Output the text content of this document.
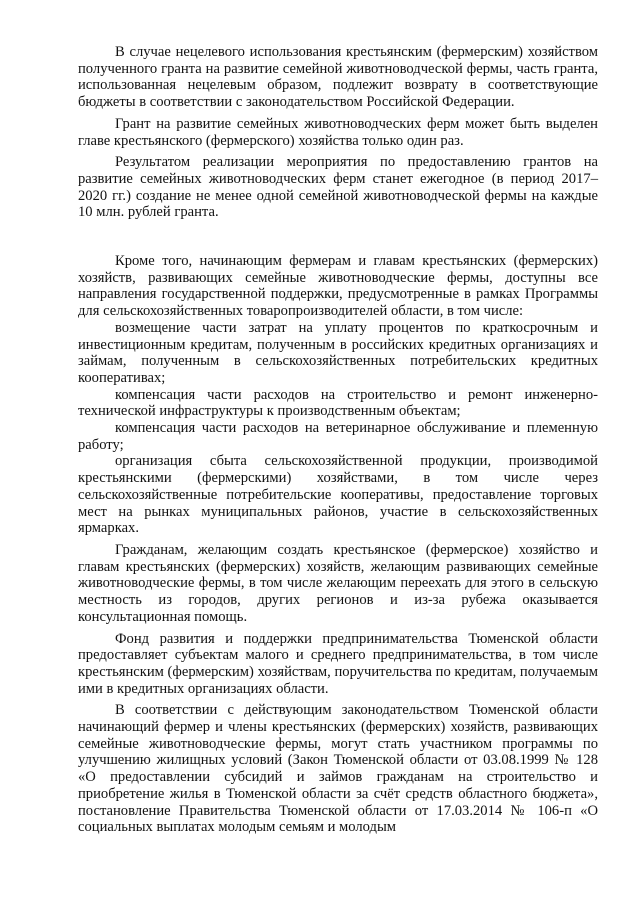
В случае нецелевого использования крестьянским (фермерским) хозяйством полученного гранта на развитие семейной животноводческой фермы, часть гранта, использованная нецелевым образом, подлежит возврату в соответствующие бюджеты в соответствии с законодательством Российской Федерации.

Грант на развитие семейных животноводческих ферм может быть выделен главе крестьянского (фермерского) хозяйства только один раз.

Результатом реализации мероприятия по предоставлению грантов на развитие семейных животноводческих ферм станет ежегодное (в период 2017–2020 гг.) создание не менее одной семейной животноводческой фермы на каждые 10 млн. рублей гранта.

Кроме того, начинающим фермерам и главам крестьянских (фермерских) хозяйств, развивающих семейные животноводческие фермы, доступны все направления государственной поддержки, предусмотренные в рамках Программы для сельскохозяйственных товаропроизводителей области, в том числе:

возмещение части затрат на уплату процентов по краткосрочным и инвестиционным кредитам, полученным в российских кредитных организациях и займам, полученным в сельскохозяйственных потребительских кредитных кооперативах;

компенсация части расходов на строительство и ремонт инженерно-технической инфраструктуры к производственным объектам;

компенсация части расходов на ветеринарное обслуживание и племенную работу;

организация сбыта сельскохозяйственной продукции, производимой крестьянскими (фермерскими) хозяйствами, в том числе через сельскохозяйственные потребительские кооперативы, предоставление торговых мест на рынках муниципальных районов, участие в сельскохозяйственных ярмарках.

Гражданам, желающим создать крестьянское (фермерское) хозяйство и главам крестьянских (фермерских) хозяйств, желающим развивающих семейные животноводческие фермы, в том числе желающим переехать для этого в сельскую местность из городов, других регионов и из-за рубежа оказывается консультационная помощь.

Фонд развития и поддержки предпринимательства Тюменской области предоставляет субъектам малого и среднего предпринимательства, в том числе крестьянским (фермерским) хозяйствам, поручительства по кредитам, получаемым ими в кредитных организациях области.

В соответствии с действующим законодательством Тюменской области начинающий фермер и члены крестьянских (фермерских) хозяйств, развивающих семейные животноводческие фермы, могут стать участником программы по улучшению жилищных условий (Закон Тюменской области от 03.08.1999 № 128 «О предоставлении субсидий и займов гражданам на строительство и приобретение жилья в Тюменской области за счёт средств областного бюджета», постановление Правительства Тюменской области от 17.03.2014 № 106-п «О социальных выплатах молодым семьям и молодым
